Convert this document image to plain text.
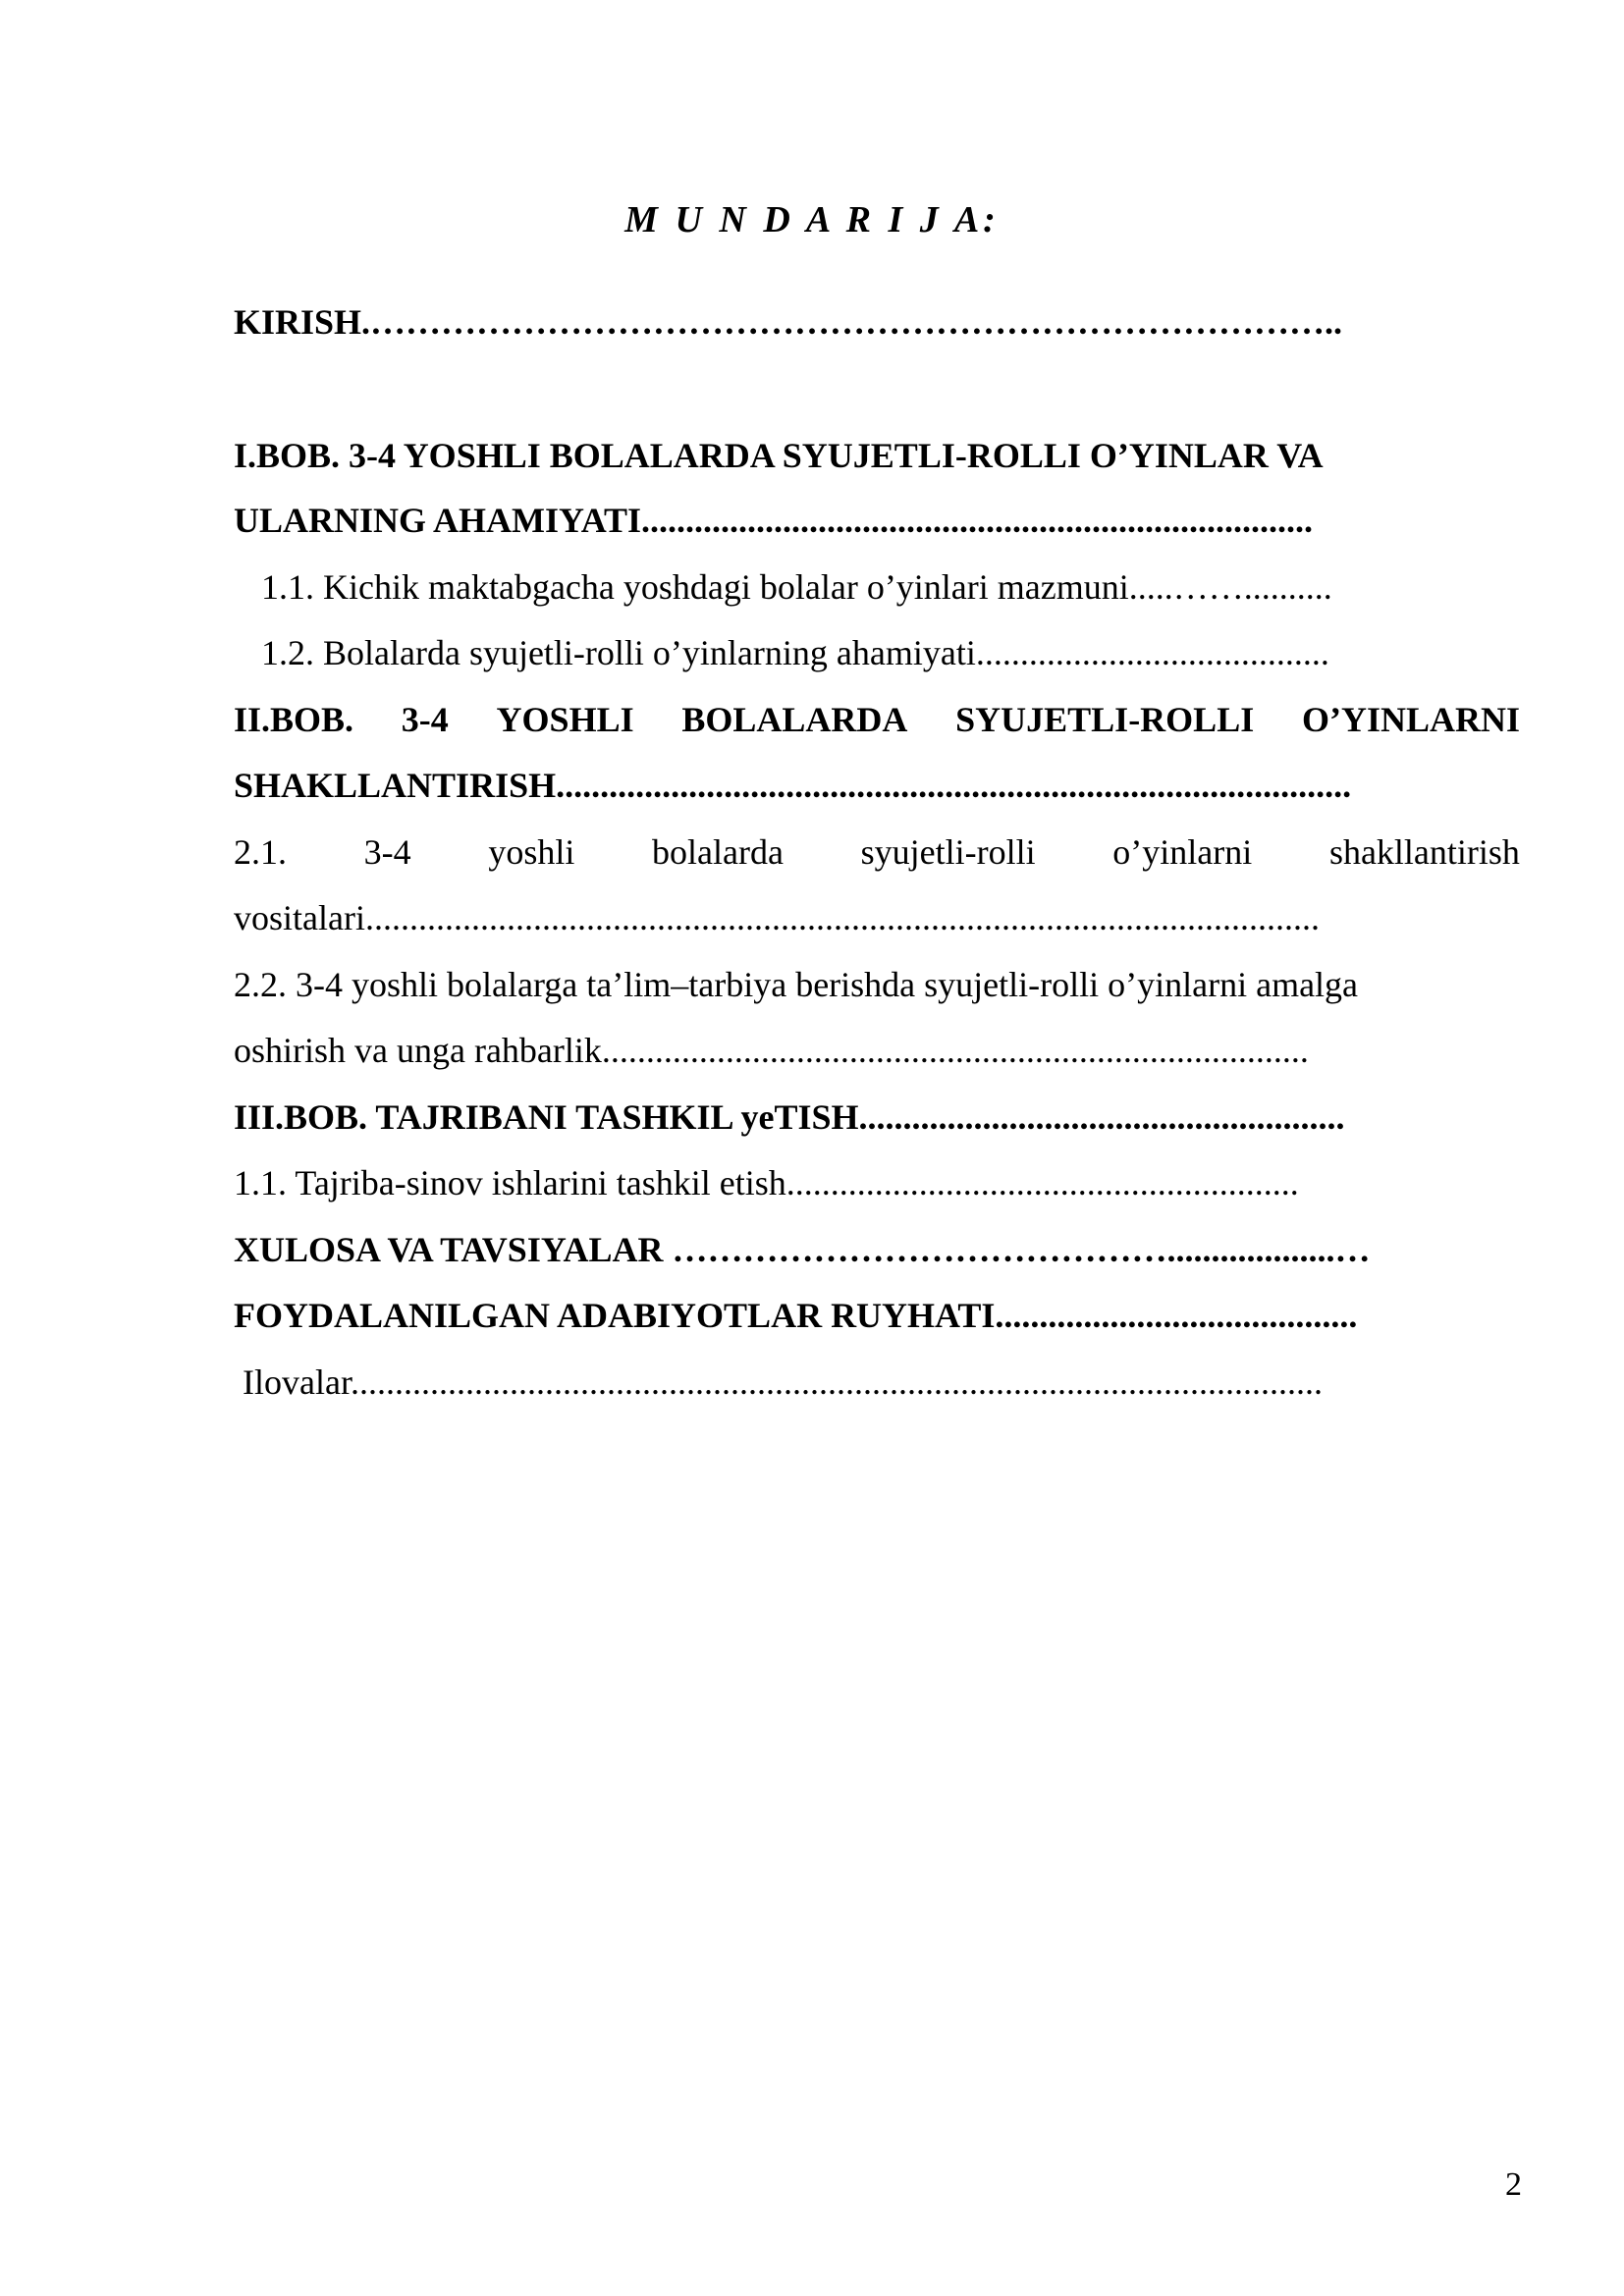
M U N D A R I J A:
KIRISH.………………………………………………………………………..
I.BOB. 3-4 YOSHLI BOLALARDA SYUJETLI-ROLLI O’YINLAR VA
ULARNING AHAMIYATI............................................................................
1.1. Kichik maktabgacha yoshdagi bolalar o’yinlari mazmuni.....……..........
1.2. Bolalarda syujetli-rolli o’yinlarning ahamiyati........................................
II.BOB. 3-4 YOSHLI BOLALARDA SYUJETLI-ROLLI O’YINLARNI
SHAKLLANTIRISH..........................................................................................
2.1. 3-4 yoshli bolalarda syujetli-rolli o’yinlarni shakllantirish
vositalari............................................................................................................
2.2. 3-4 yoshli bolalarga ta’lim–tarbiya berishda syujetli-rolli o’yinlarni amalga
oshirish va unga rahbarlik................................................................................
III.BOB. TAJRIBANI TASHKIL yeTISH.......................................................
1.1. Tajriba-sinov ishlarini tashkil etish..........................................................
XULOSA VA TAVSIYALAR ……………………………………...................…
FOYDALANILGAN ADABIYOTLAR RUYHATI.........................................
Ilovalar..............................................................................................................
2
